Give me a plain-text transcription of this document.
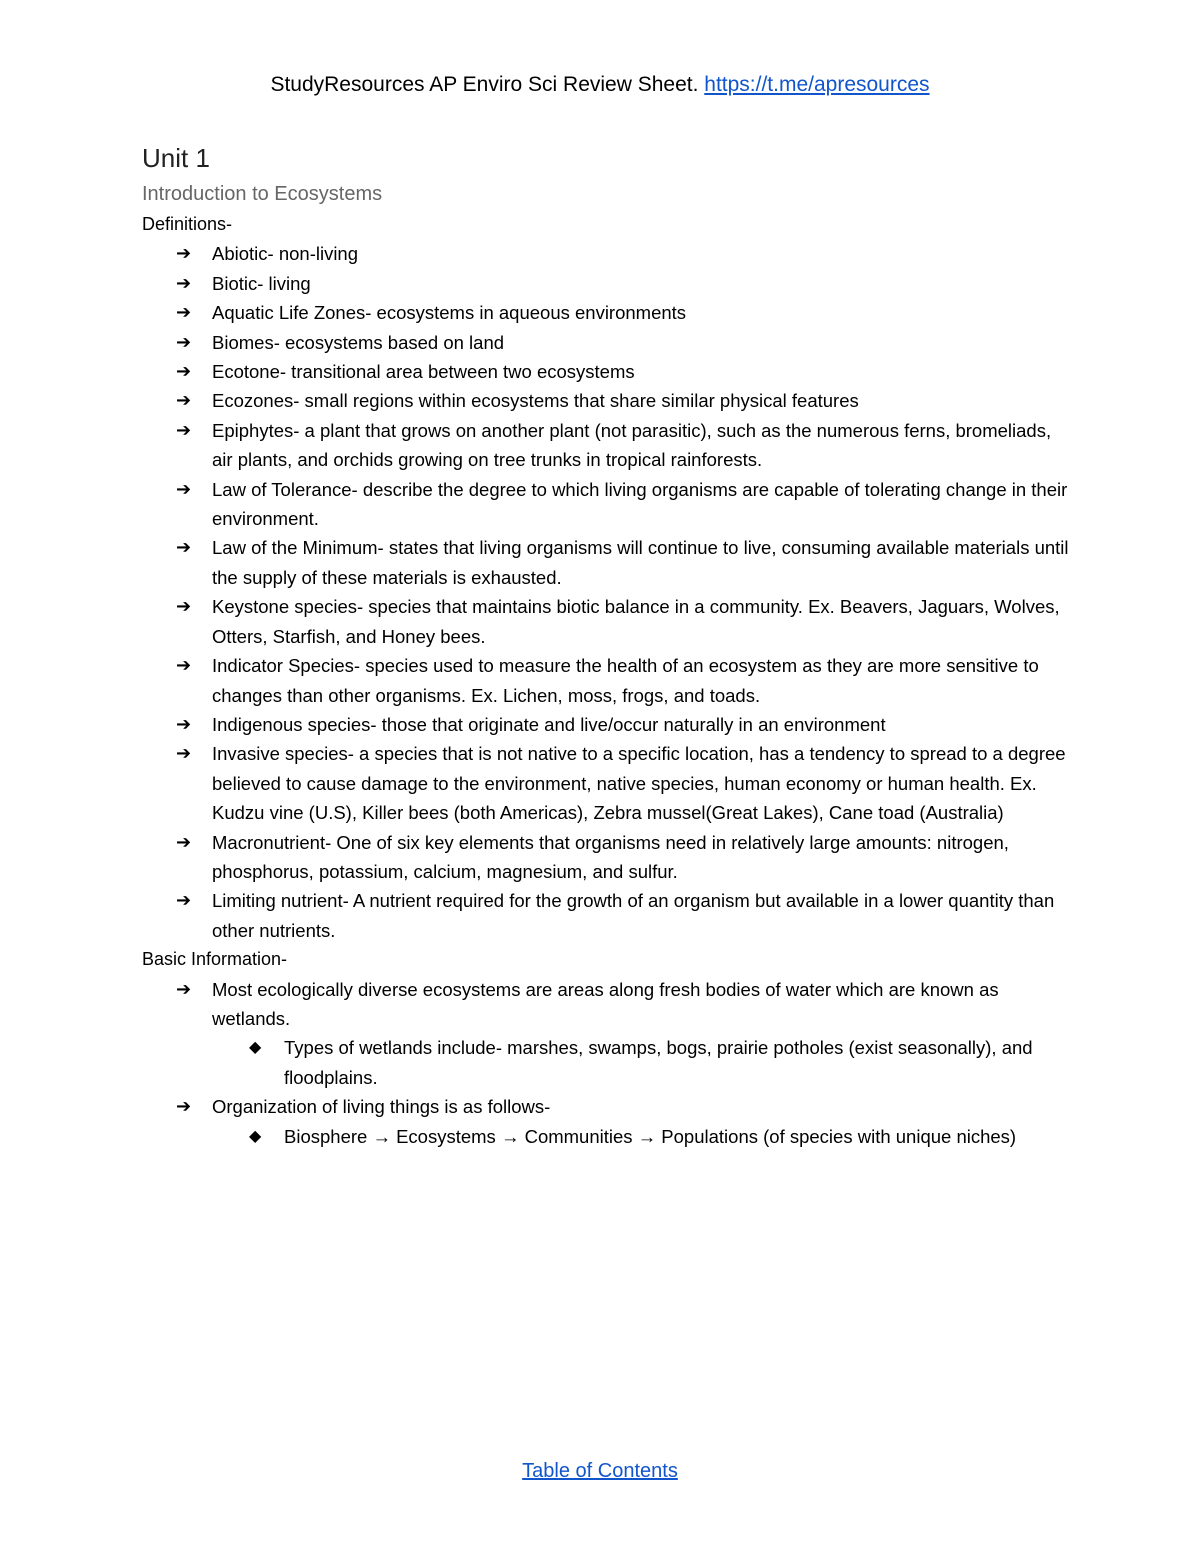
StudyResources AP Enviro Sci Review Sheet. https://t.me/apresources
Unit 1
Introduction to Ecosystems
Definitions-
➔ Abiotic- non-living
➔ Biotic- living
➔ Aquatic Life Zones- ecosystems in aqueous environments
➔ Biomes- ecosystems based on land
➔ Ecotone- transitional area between two ecosystems
➔ Ecozones- small regions within ecosystems that share similar physical features
➔ Epiphytes- a plant that grows on another plant (not parasitic), such as the numerous ferns, bromeliads, air plants, and orchids growing on tree trunks in tropical rainforests.
➔ Law of Tolerance- describe the degree to which living organisms are capable of tolerating change in their environment.
➔ Law of the Minimum- states that living organisms will continue to live, consuming available materials until the supply of these materials is exhausted.
➔ Keystone species- species that maintains biotic balance in a community. Ex. Beavers, Jaguars, Wolves, Otters, Starfish, and Honey bees.
➔ Indicator Species- species used to measure the health of an ecosystem as they are more sensitive to changes than other organisms. Ex. Lichen, moss, frogs, and toads.
➔ Indigenous species- those that originate and live/occur naturally in an environment
➔ Invasive species- a species that is not native to a specific location, has a tendency to spread to a degree believed to cause damage to the environment, native species, human economy or human health. Ex. Kudzu vine (U.S), Killer bees (both Americas), Zebra mussel(Great Lakes), Cane toad (Australia)
➔ Macronutrient- One of six key elements that organisms need in relatively large amounts: nitrogen, phosphorus, potassium, calcium, magnesium, and sulfur.
➔ Limiting nutrient- A nutrient required for the growth of an organism but available in a lower quantity than other nutrients.
Basic Information-
➔ Most ecologically diverse ecosystems are areas along fresh bodies of water which are known as wetlands.
◆ Types of wetlands include- marshes, swamps, bogs, prairie potholes (exist seasonally), and floodplains.
➔ Organization of living things is as follows-
◆ Biosphere → Ecosystems → Communities → Populations (of species with unique niches)
Table of Contents
